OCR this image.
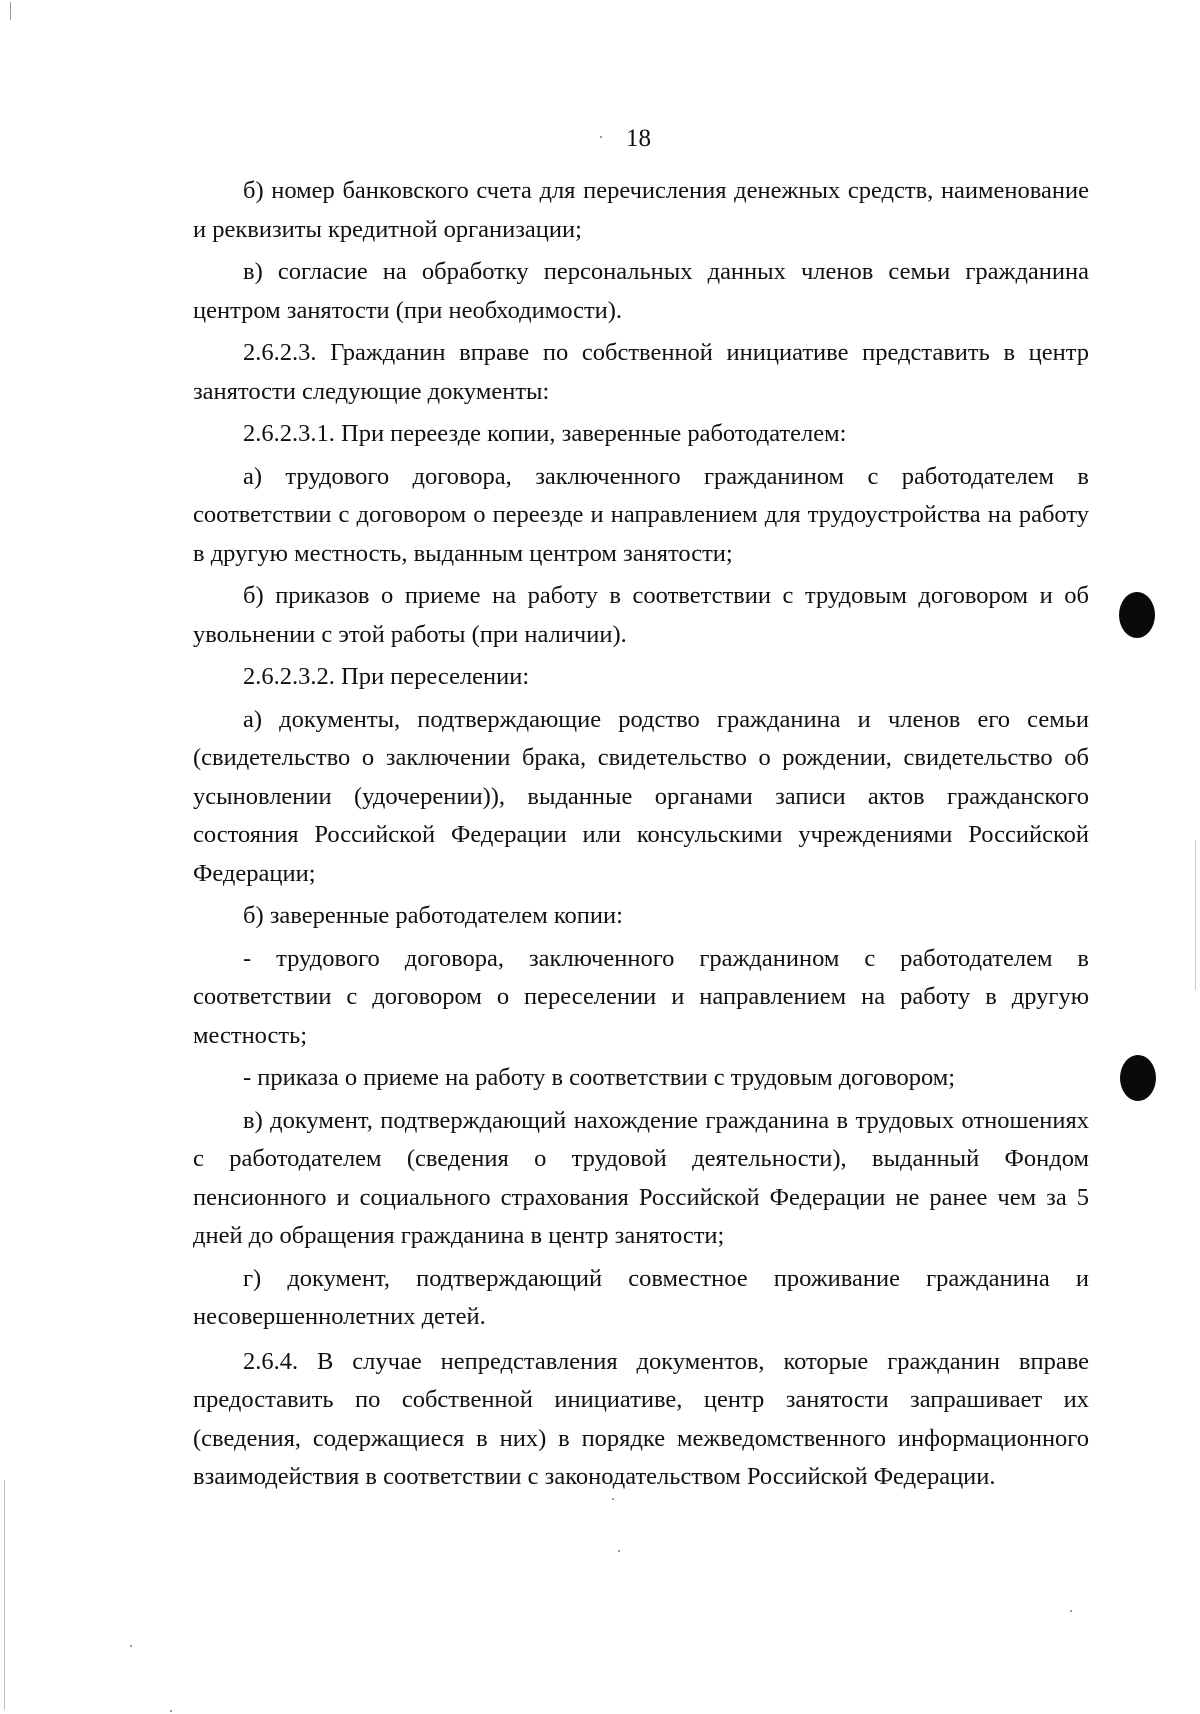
18

б) номер банковского счета для перечисления денежных средств, наименование и реквизиты кредитной организации;

в) согласие на обработку персональных данных членов семьи гражданина центром занятости (при необходимости).

2.6.2.3. Гражданин вправе по собственной инициативе представить в центр занятости следующие документы:

2.6.2.3.1. При переезде копии, заверенные работодателем:

а) трудового договора, заключенного гражданином с работодателем в соответствии с договором о переезде и направлением для трудоустройства на работу в другую местность, выданным центром занятости;

б) приказов о приеме на работу в соответствии с трудовым договором и об увольнении с этой работы (при наличии).

2.6.2.3.2. При переселении:

а) документы, подтверждающие родство гражданина и членов его семьи (свидетельство о заключении брака, свидетельство о рождении, свидетельство об усыновлении (удочерении)), выданные органами записи актов гражданского состояния Российской Федерации или консульскими учреждениями Российской Федерации;

б) заверенные работодателем копии:

- трудового договора, заключенного гражданином с работодателем в соответствии с договором о переселении и направлением на работу в другую местность;

- приказа о приеме на работу в соответствии с трудовым договором;

в) документ, подтверждающий нахождение гражданина в трудовых отношениях с работодателем (сведения о трудовой деятельности), выданный Фондом пенсионного и социального страхования Российской Федерации не ранее чем за 5 дней до обращения гражданина в центр занятости;

г) документ, подтверждающий совместное проживание гражданина и несовершеннолетних детей.

2.6.4. В случае непредставления документов, которые гражданин вправе предоставить по собственной инициативе, центр занятости запрашивает их (сведения, содержащиеся в них) в порядке межведомственного информационного взаимодействия в соответствии с законодательством Российской Федерации.
